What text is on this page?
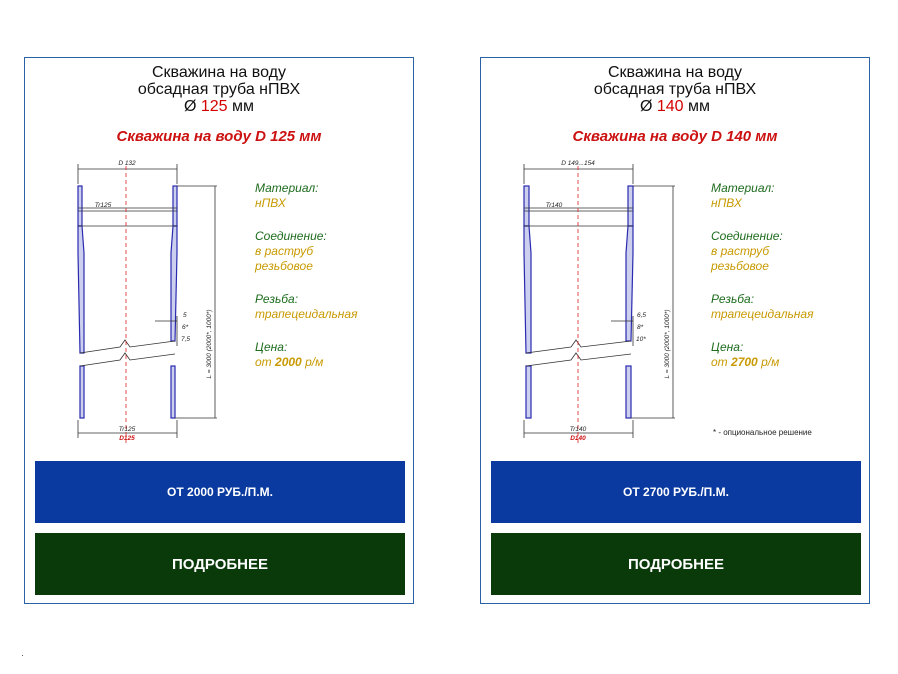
Скважина на воду
обсадная труба нПВХ
Ø 125 мм
Скважина на воду D 125 мм
D 132
Tr125
5
6*
7,5
Tr125
D125
L = 3000 (2000*, 1000*)
Материал:
нПВХ
Соединение:
в раструб
резьбовое
Резьба:
трапецеидальная
Цена:
от 2000 р/м
ОТ 2000 РУБ./П.М.
ПОДРОБНЕЕ
Скважина на воду
обсадная труба нПВХ
Ø 140 мм
Скважина на воду D 140 мм
D 149...154
Tr140
6,5
8*
10*
Tr140
D140
L = 3000 (2000*, 1000*)
Материал:
нПВХ
Соединение:
в раструб
резьбовое
Резьба:
трапецеидальная
Цена:
от 2700 р/м
* - опциональное решение
ОТ 2700 РУБ./П.М.
ПОДРОБНЕЕ
